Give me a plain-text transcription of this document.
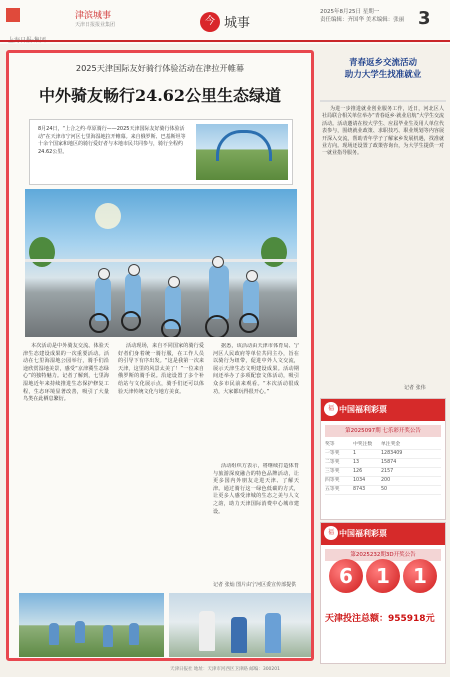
津滨城事
天津日报报业集团	今 城事
2025年8月25日 星期一
责任编辑：齐国华 美术编辑：张丽 3
2025天津国际友好骑行体验活动在津拉开帷幕
中外骑友畅行24.62公里生态绿道

8月24日，“上合之约·草原骑行——2025天津国际友好骑行体验活动”在天津市宁河区七里海湿地拉开帷幕。来自俄罗斯、巴基斯坦等十余个国家和地区的骑行爱好者与本地市民共同参与，骑行全程约24.62公里。

本次活动是中外骑友交流、体验天津生态建设成果的一次重要活动。活动在七里海湿地公园举行，骑手们沿途欣赏湿地美景，感受“京津冀生态绿心”的独特魅力。记者了解到，七里海湿地近年来持续推进生态保护修复工程，生态环境显著改善，吸引了大量鸟类在此栖息繁衍。

活动现场，来自不同国家的骑行爱好者们身着统一骑行服，在工作人员的引导下有序出发。“这是我第一次来天津，这里的风景太美了！”一位来自俄罗斯的骑手说。沿途设置了多个补给站与文化展示点，骑手们还可以体验天津传统文化与地方美食。

据悉，该活动由天津市体育局、宁河区人民政府等单位共同主办，旨在以骑行为纽带，促进中外人文交流，展示天津生态文明建设成果。活动期间还举办了多项配套文体活动，吸引众多市民前来观看。“本次活动很成功，大家都玩得很开心。”

活动组织方表示，将继续打造体育与旅游深度融合的特色品牌活动，让更多国内外朋友走进天津、了解天津。通过骑行这一绿色低碳的方式，让更多人感受津城的生态之美与人文之韵，助力天津国际消费中心城市建设。

记者 张灿 图片由宁河区委宣传部提供
青春返乡交流活动
助力大学生找准就业

为进一步推进就业创业服务工作，近日，河北区人社局联合相关单位举办“青春返乡·就业启航”大学生交流活动。活动邀请在校大学生、应届毕业生及用人单位代表参与，围绕就业政策、求职技巧、职业规划等内容展开深入交流，帮助青年学子了解家乡发展机遇，找准就业方向。现场还设置了政策咨询台，为大学生提供一对一就业指导服务。

记者 张伟
福 中国福利彩票
第2025097期 七乐彩开奖公告
奖等	中奖注数 单注奖金
一等奖	1	1283409
二等奖	13	15874
三等奖	126	2157
四等奖	1034	200
五等奖	8743	50
福 中国福利彩票
第2025232期3D开奖公告
6	1	1
天津投注总额：955918元
天津日报社 地址：天津市河西区卫津路 邮编：300201
